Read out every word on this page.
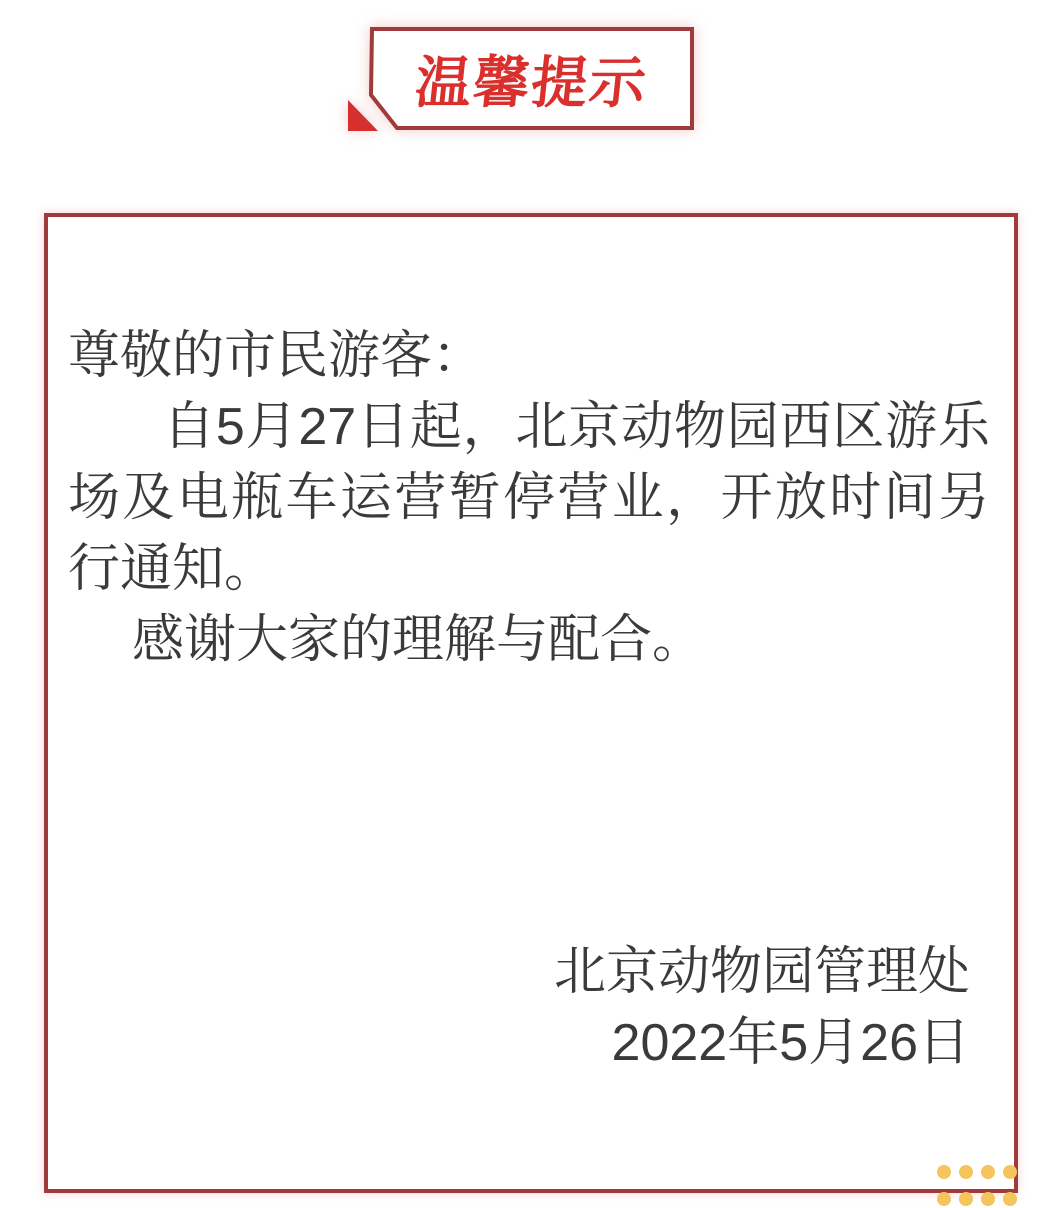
温馨提示

尊敬的市民游客：

自5月27日起，北京动物园西区游乐场及电瓶车运营暂停营业，开放时间另行通知。

感谢大家的理解与配合。

北京动物园管理处
2022年5月26日
